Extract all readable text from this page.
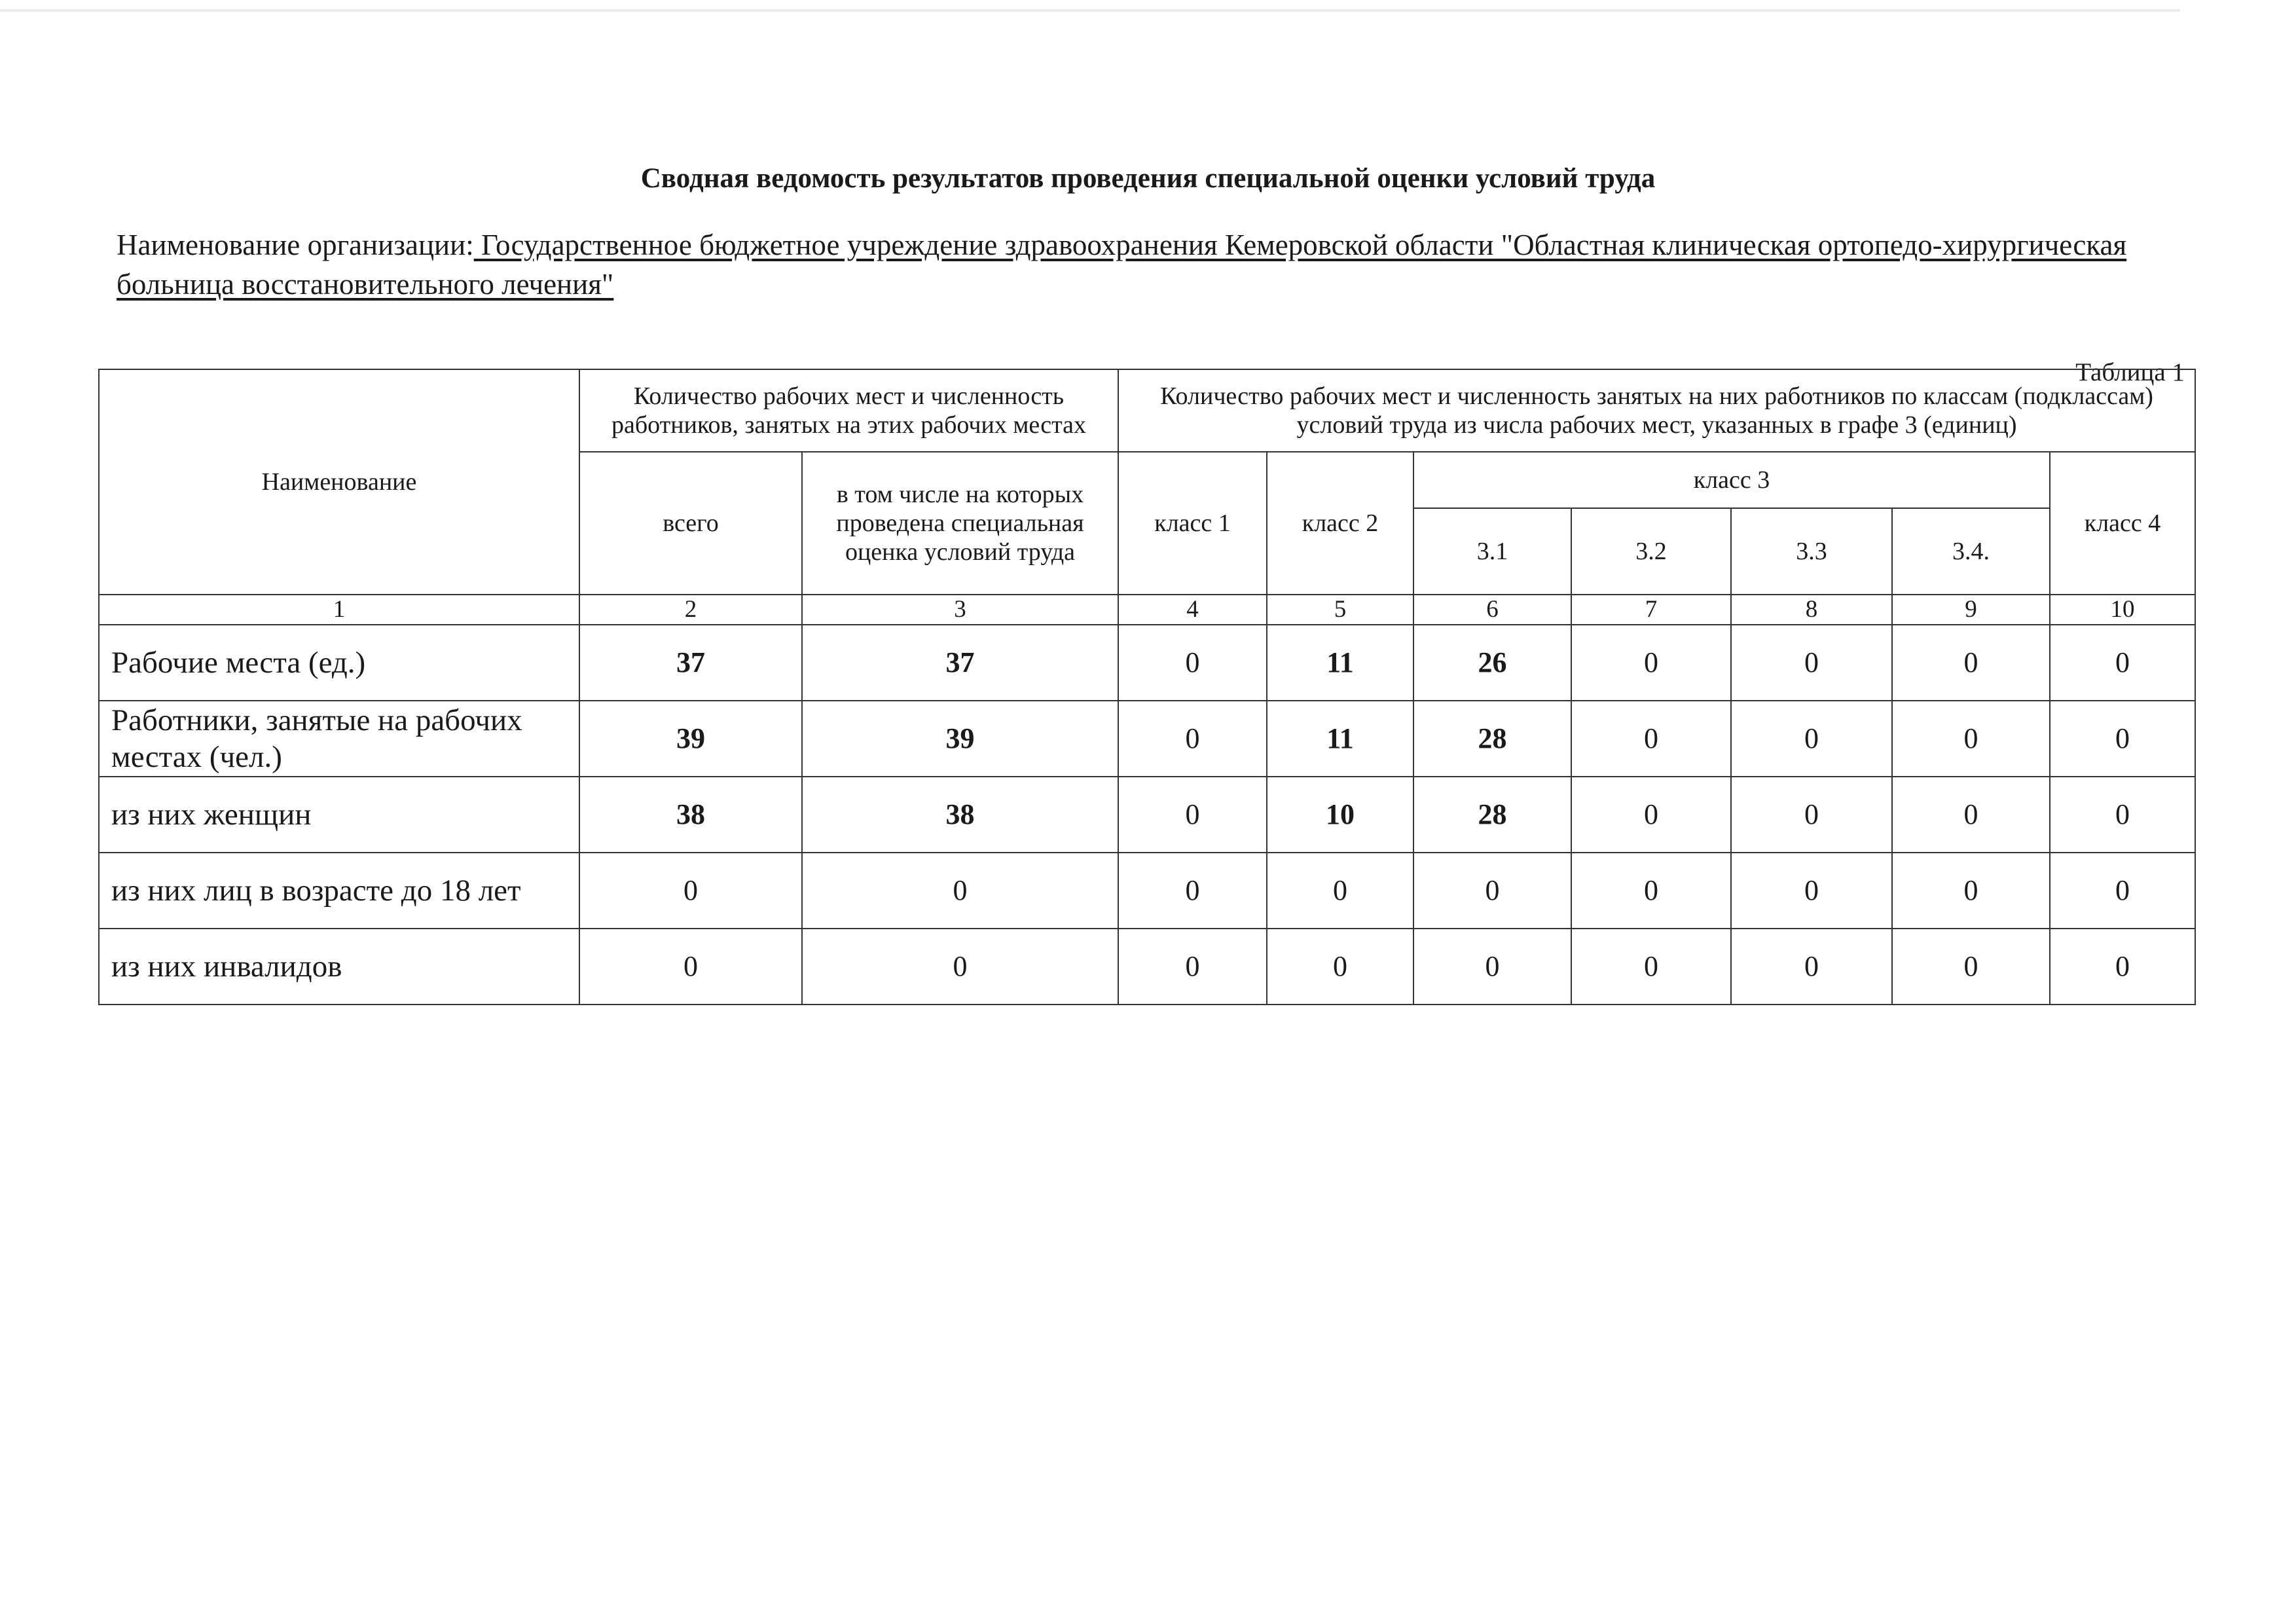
Сводная ведомость результатов проведения специальной оценки условий труда
Наименование организации: Государственное бюджетное учреждение здравоохранения Кемеровской области "Областная клиническая ортопедо-хирургическая больница восстановительного лечения"
Таблица 1
Наименование	Количество рабочих мест и численность работников, занятых на этих рабочих местах		Количество рабочих мест и численность занятых на них работников по классам (подклассам) условий труда из числа рабочих мест, указанных в графе 3 (единиц)						
	всего	в том числе на которых проведена специальная оценка условий труда	класс 1	класс 2	класс 3				класс 4
					3.1	3.2	3.3	3.4.	
1	2	3	4	5	6	7	8	9	10
Рабочие места (ед.)	37	37	0	11	26	0	0	0	0
Работники, занятые на рабочих местах (чел.)	39	39	0	11	28	0	0	0	0
из них женщин	38	38	0	10	28	0	0	0	0
из них лиц в возрасте до 18 лет	0	0	0	0	0	0	0	0	0
из них инвалидов	0	0	0	0	0	0	0	0	0
